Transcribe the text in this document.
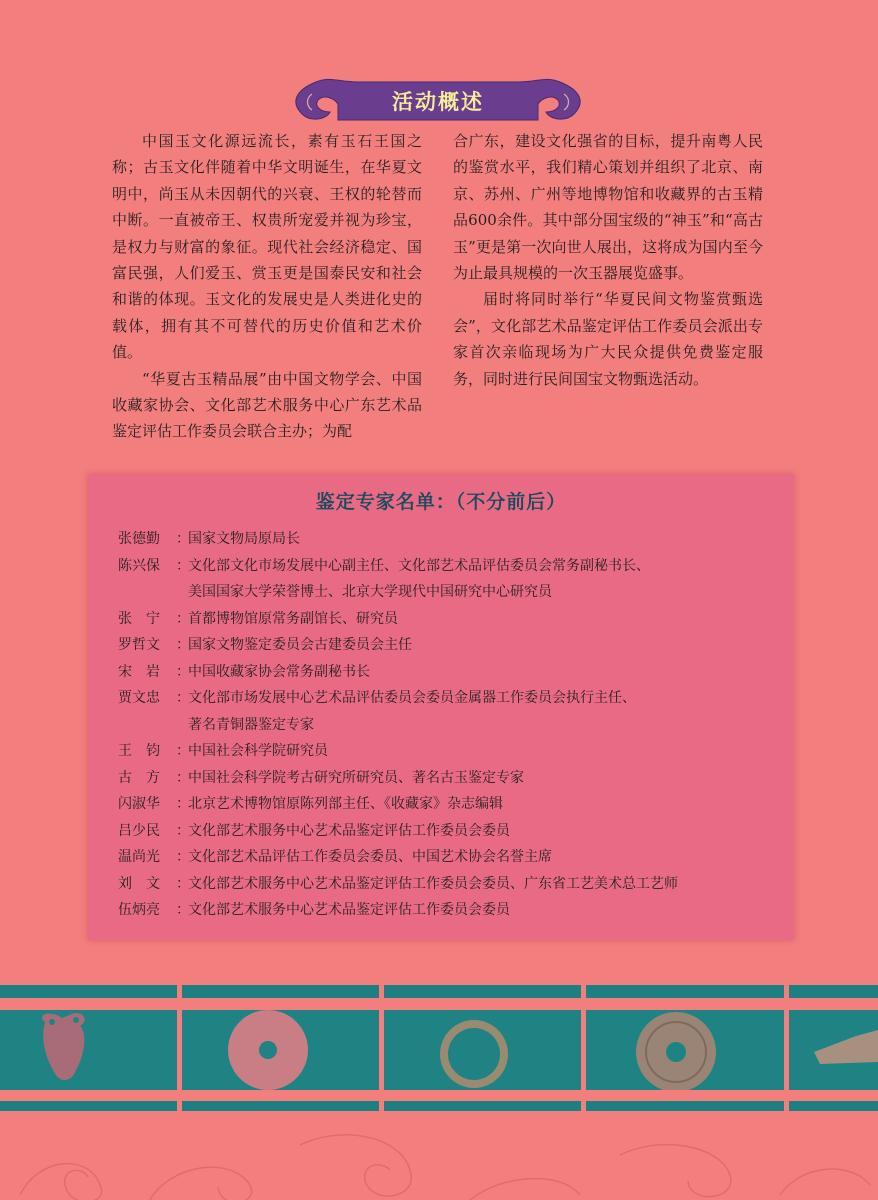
活动概述

中国玉文化源远流长，素有玉石王国之称；古玉文化伴随着中华文明诞生，在华夏文明中，尚玉从未因朝代的兴衰、王权的轮替而中断。一直被帝王、权贵所宠爱并视为珍宝，是权力与财富的象征。现代社会经济稳定、国富民强，人们爱玉、赏玉更是国泰民安和社会和谐的体现。玉文化的发展史是人类进化史的载体，拥有其不可替代的历史价值和艺术价值。

“华夏古玉精品展”由中国文物学会、中国收藏家协会、文化部艺术服务中心广东艺术品鉴定评估工作委员会联合主办；为配

合广东，建设文化强省的目标，提升南粤人民的鉴赏水平，我们精心策划并组织了北京、南京、苏州、广州等地博物馆和收藏界的古玉精品600余件。其中部分国宝级的“神玉”和“高古玉”更是第一次向世人展出，这将成为国内至今为止最具规模的一次玉器展览盛事。

届时将同时举行“华夏民间文物鉴赏甄选会”，文化部艺术品鉴定评估工作委员会派出专家首次亲临现场为广大民众提供免费鉴定服务，同时进行民间国宝文物甄选活动。

鉴定专家名单：（不分前后）
张德勤	：
国家文物局原局长
陈兴保	：
文化部文化市场发展中心副主任、文化部艺术品评估委员会常务副秘书长、
美国国家大学荣誉博士、北京大学现代中国研究中心研究员
张　宁	：
首都博物馆原常务副馆长、研究员
罗哲文	：
国家文物鉴定委员会古建委员会主任
宋　岩	：
中国收藏家协会常务副秘书长
贾文忠	：
文化部市场发展中心艺术品评估委员会委员金属器工作委员会执行主任、
著名青铜器鉴定专家
王　钧	：
中国社会科学院研究员
古　方	：
中国社会科学院考古研究所研究员、著名古玉鉴定专家
闪淑华	：
北京艺术博物馆原陈列部主任、《收藏家》杂志编辑
吕少民	：
文化部艺术服务中心艺术品鉴定评估工作委员会委员
温尚光	：
文化部艺术品评估工作委员会委员、中国艺术协会名誉主席
刘　文	：
文化部艺术服务中心艺术品鉴定评估工作委员会委员、广东省工艺美术总工艺师
伍炳亮	：
文化部艺术服务中心艺术品鉴定评估工作委员会委员
